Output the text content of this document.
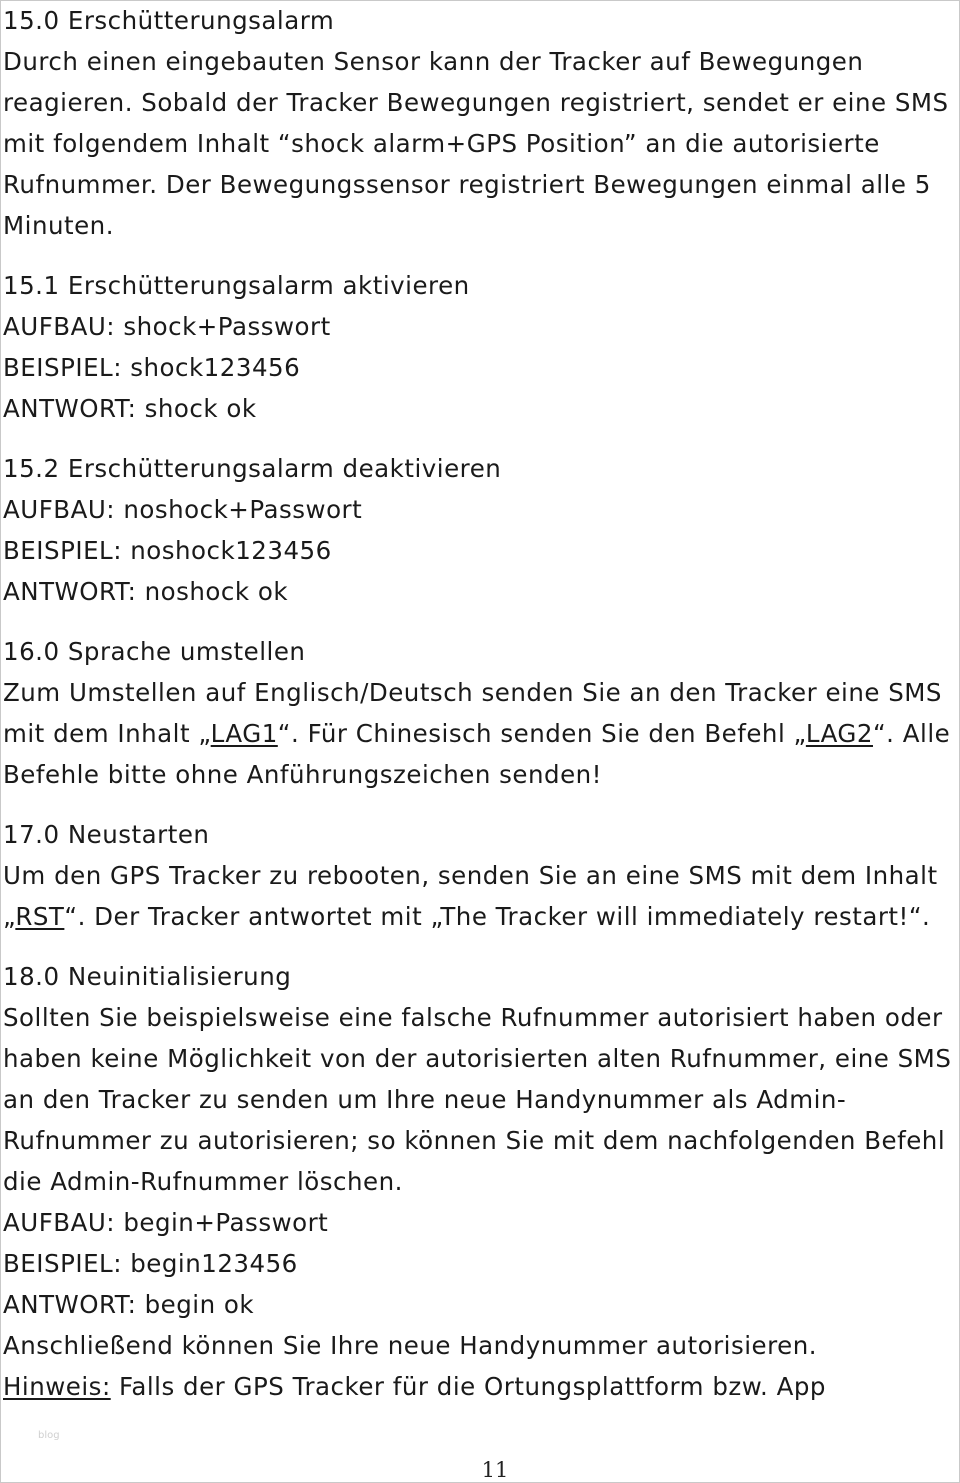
15.0 Erschütterungsalarm

Durch einen eingebauten Sensor kann der Tracker auf Bewegungen reagieren. Sobald der Tracker Bewegungen registriert, sendet er eine SMS mit folgendem Inhalt “shock alarm+GPS Position” an die autorisierte Rufnummer. Der Bewegungssensor registriert Bewegungen einmal alle 5 Minuten.

15.1 Erschütterungsalarm aktivieren

AUFBAU: shock+Passwort

BEISPIEL: shock123456

ANTWORT: shock ok

15.2 Erschütterungsalarm deaktivieren

AUFBAU: noshock+Passwort

BEISPIEL: noshock123456

ANTWORT: noshock ok

16.0 Sprache umstellen

Zum Umstellen auf Englisch/Deutsch senden Sie an den Tracker eine SMS mit dem Inhalt „LAG1“. Für Chinesisch senden Sie den Befehl „LAG2“. Alle Befehle bitte ohne Anführungszeichen senden!

17.0 Neustarten

Um den GPS Tracker zu rebooten, senden Sie an eine SMS mit dem Inhalt „RST“. Der Tracker antwortet mit „The Tracker will immediately restart!“.

18.0 Neuinitialisierung

Sollten Sie beispielsweise eine falsche Rufnummer autorisiert haben oder haben keine Möglichkeit von der autorisierten alten Rufnummer, eine SMS an den Tracker zu senden um Ihre neue Handynummer als Admin-Rufnummer zu autorisieren; so können Sie mit dem nachfolgenden Befehl die Admin-Rufnummer löschen.

AUFBAU: begin+Passwort

BEISPIEL: begin123456

ANTWORT: begin ok

Anschließend können Sie Ihre neue Handynummer autorisieren.

Hinweis: Falls der GPS Tracker für die Ortungsplattform bzw. App

blog
11
